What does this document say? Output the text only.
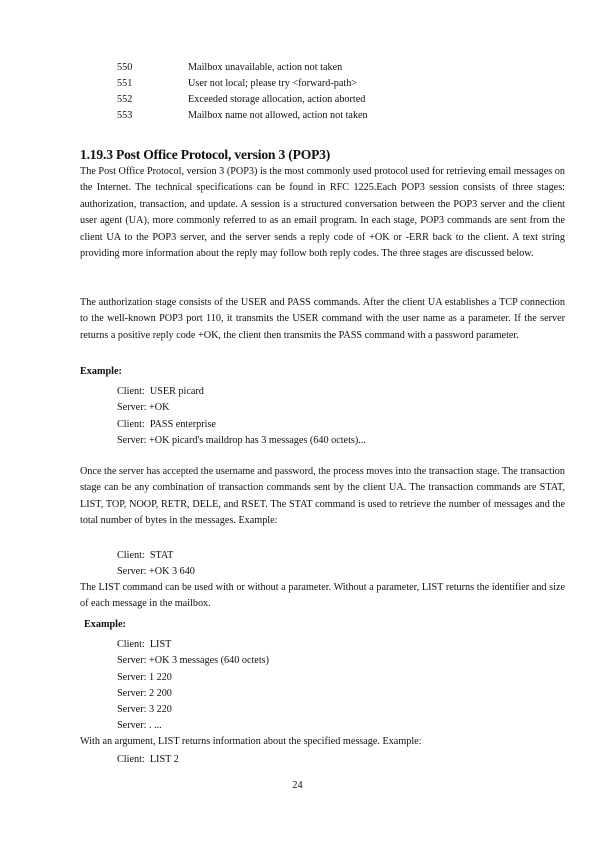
550	Mailbox unavailable, action not taken
551	User not local; please try <forward-path>
552	Exceeded storage allocation, action aborted
553	Mailbox name not allowed, action not taken
1.19.3 Post Office Protocol, version 3 (POP3)

The Post Office Protocol, version 3 (POP3) is the most commonly used protocol used for retrieving email messages on the Internet. The technical specifications can be found in RFC 1225.Each POP3 session consists of three stages: authorization, transaction, and update. A session is a structured conversation between the POP3 server and the client user agent (UA), more commonly referred to as an email program. In each stage, POP3 commands are sent from the client UA to the POP3 server, and the server sends a reply code of +OK or -ERR back to the client. A text string providing more information about the reply may follow both reply codes. The three stages are discussed below.

The authorization stage consists of the USER and PASS commands. After the client UA establishes a TCP connection to the well-known POP3 port 110, it transmits the USER command with the user name as a parameter. If the server returns a positive reply code +OK, the client then transmits the PASS command with a password parameter.

Example:

Client:  USER picard
Server: +OK
Client:  PASS enterprise
Server: +OK picard's maildrop has 3 messages (640 octets)...

Once the server has accepted the username and password, the process moves into the transaction stage. The transaction stage can be any combination of transaction commands sent by the client UA. The transaction commands are STAT, LIST, TOP, NOOP, RETR, DELE, and RSET. The STAT command is used to retrieve the number of messages and the total number of bytes in the messages. Example:

Client:  STAT
Server: +OK 3 640

The LIST command can be used with or without a parameter. Without a parameter, LIST returns the identifier and size of each message in the mailbox.

Example:

Client:  LIST
Server: +OK 3 messages (640 octets)
Server: 1 220
Server: 2 200
Server: 3 220
Server: . ...

With an argument, LIST returns information about the specified message. Example:

Client:  LIST 2
24
